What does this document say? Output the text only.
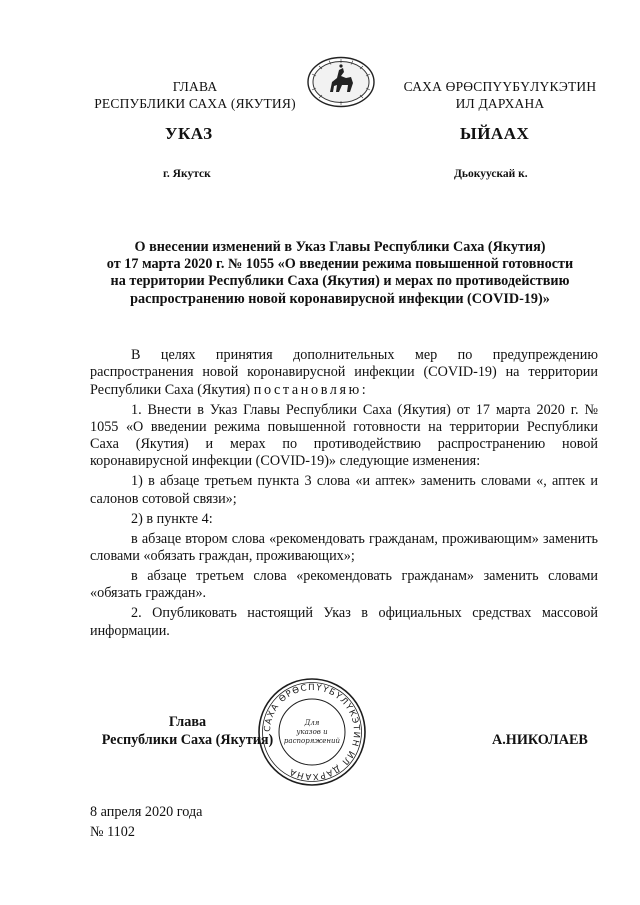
ГЛАВА
РЕСПУБЛИКИ САХА (ЯКУТИЯ)
САХА ӨРӨСПҮҮБҮЛҮКЭТИН
ИЛ ДАРХАНА
УКАЗ	ЫЙААХ
г. Якутск	Дьокуускай к.
О внесении изменений в Указ Главы Республики Саха (Якутия)
от 17 марта 2020 г. № 1055 «О введении режима повышенной готовности
на территории Республики Саха (Якутия) и мерах по противодействию
распространению новой коронавирусной инфекции (COVID-19)»

В целях принятия дополнительных мер по предупреждению распространения новой коронавирусной инфекции (COVID-19) на территории Республики Саха (Якутия) постановляю:

1. Внести в Указ Главы Республики Саха (Якутия) от 17 марта 2020 г. № 1055 «О введении режима повышенной готовности на территории Республики Саха (Якутия) и мерах по противодействию распространению новой коронавирусной инфекции (COVID-19)» следующие изменения:

1) в абзаце третьем пункта 3 слова «и аптек» заменить словами «, аптек и салонов сотовой связи»;

2) в пункте 4:

в абзаце втором слова «рекомендовать гражданам, проживающим» заменить словами «обязать граждан, проживающих»;

в абзаце третьем слова «рекомендовать гражданам» заменить словами «обязать граждан».

2. Опубликовать настоящий Указ в официальных средствах массовой информации.

Глава
Республики Саха (Якутия)
САХА ӨРӨСПҮҮБҮЛҮКЭТИН ИЛ ДАРХАНА
Для
указов и
распоряжений	А.НИКОЛАЕВ
8 апреля 2020 года
№ 1102
